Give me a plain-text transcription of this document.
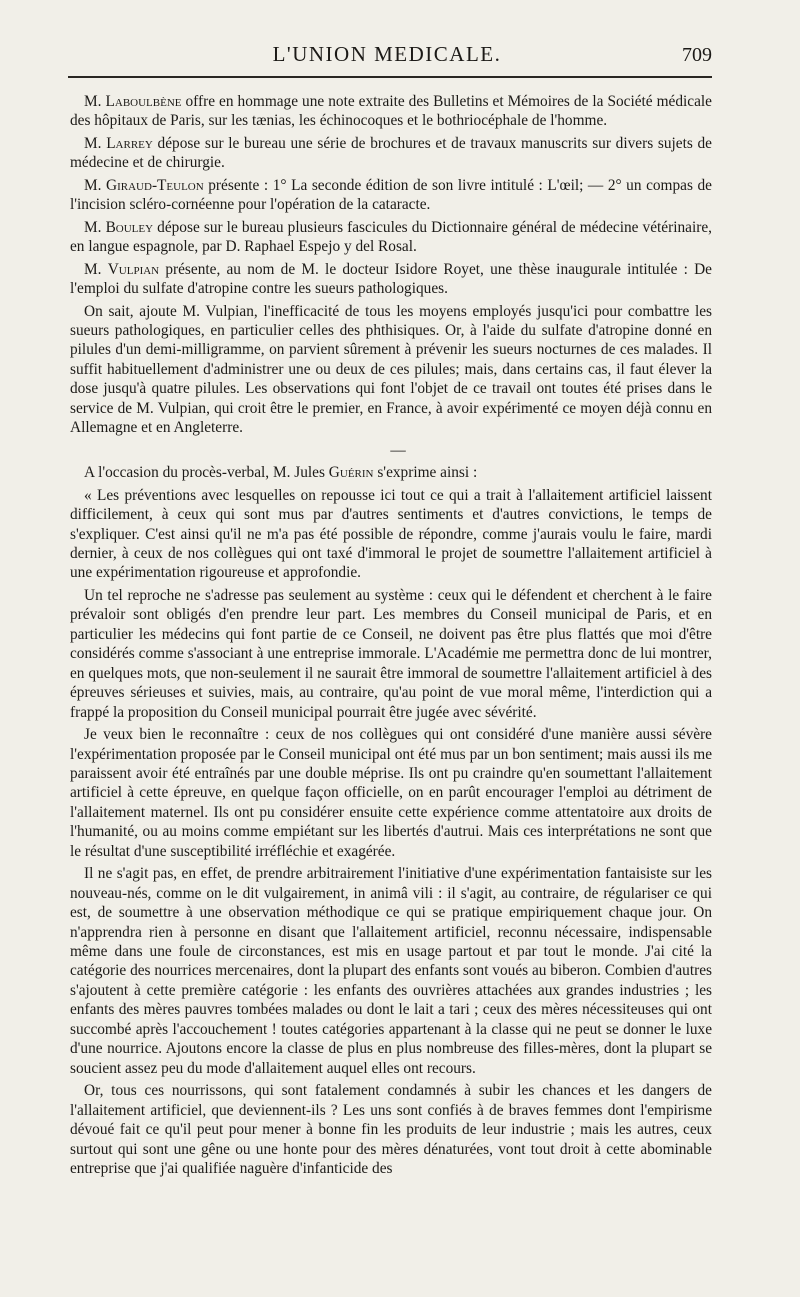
L'UNION MEDICALE.	709

M. Laboulbène offre en hommage une note extraite des Bulletins et Mémoires de la Société médicale des hôpitaux de Paris, sur les tænias, les échinocoques et le bothriocéphale de l'homme.

M. Larrey dépose sur le bureau une série de brochures et de travaux manuscrits sur divers sujets de médecine et de chirurgie.

M. Giraud-Teulon présente : 1° La seconde édition de son livre intitulé : L'œil; — 2° un compas de l'incision scléro-cornéenne pour l'opération de la cataracte.

M. Bouley dépose sur le bureau plusieurs fascicules du Dictionnaire général de médecine vétérinaire, en langue espagnole, par D. Raphael Espejo y del Rosal.

M. Vulpian présente, au nom de M. le docteur Isidore Royet, une thèse inaugurale intitulée : De l'emploi du sulfate d'atropine contre les sueurs pathologiques.

On sait, ajoute M. Vulpian, l'inefficacité de tous les moyens employés jusqu'ici pour combattre les sueurs pathologiques, en particulier celles des phthisiques. Or, à l'aide du sulfate d'atropine donné en pilules d'un demi-milligramme, on parvient sûrement à prévenir les sueurs nocturnes de ces malades. Il suffit habituellement d'administrer une ou deux de ces pilules; mais, dans certains cas, il faut élever la dose jusqu'à quatre pilules. Les observations qui font l'objet de ce travail ont toutes été prises dans le service de M. Vulpian, qui croit être le premier, en France, à avoir expérimenté ce moyen déjà connu en Allemagne et en Angleterre.

—

A l'occasion du procès-verbal, M. Jules Guérin s'exprime ainsi :

« Les préventions avec lesquelles on repousse ici tout ce qui a trait à l'allaitement artificiel laissent difficilement, à ceux qui sont mus par d'autres sentiments et d'autres convictions, le temps de s'expliquer. C'est ainsi qu'il ne m'a pas été possible de répondre, comme j'aurais voulu le faire, mardi dernier, à ceux de nos collègues qui ont taxé d'immoral le projet de soumettre l'allaitement artificiel à une expérimentation rigoureuse et approfondie.

Un tel reproche ne s'adresse pas seulement au système : ceux qui le défendent et cherchent à le faire prévaloir sont obligés d'en prendre leur part. Les membres du Conseil municipal de Paris, et en particulier les médecins qui font partie de ce Conseil, ne doivent pas être plus flattés que moi d'être considérés comme s'associant à une entreprise immorale. L'Académie me permettra donc de lui montrer, en quelques mots, que non-seulement il ne saurait être immoral de soumettre l'allaitement artificiel à des épreuves sérieuses et suivies, mais, au contraire, qu'au point de vue moral même, l'interdiction qui a frappé la proposition du Conseil municipal pourrait être jugée avec sévérité.

Je veux bien le reconnaître : ceux de nos collègues qui ont considéré d'une manière aussi sévère l'expérimentation proposée par le Conseil municipal ont été mus par un bon sentiment; mais aussi ils me paraissent avoir été entraînés par une double méprise. Ils ont pu craindre qu'en soumettant l'allaitement artificiel à cette épreuve, en quelque façon officielle, on en parût encourager l'emploi au détriment de l'allaitement maternel. Ils ont pu considérer ensuite cette expérience comme attentatoire aux droits de l'humanité, ou au moins comme empiétant sur les libertés d'autrui. Mais ces interprétations ne sont que le résultat d'une susceptibilité irréfléchie et exagérée.

Il ne s'agit pas, en effet, de prendre arbitrairement l'initiative d'une expérimentation fantaisiste sur les nouveau-nés, comme on le dit vulgairement, in animâ vili : il s'agit, au contraire, de régulariser ce qui est, de soumettre à une observation méthodique ce qui se pratique empiriquement chaque jour. On n'apprendra rien à personne en disant que l'allaitement artificiel, reconnu nécessaire, indispensable même dans une foule de circonstances, est mis en usage partout et par tout le monde. J'ai cité la catégorie des nourrices mercenaires, dont la plupart des enfants sont voués au biberon. Combien d'autres s'ajoutent à cette première catégorie : les enfants des ouvrières attachées aux grandes industries ; les enfants des mères pauvres tombées malades ou dont le lait a tari ; ceux des mères nécessiteuses qui ont succombé après l'accouchement ! toutes catégories appartenant à la classe qui ne peut se donner le luxe d'une nourrice. Ajoutons encore la classe de plus en plus nombreuse des filles-mères, dont la plupart se soucient assez peu du mode d'allaitement auquel elles ont recours.

Or, tous ces nourrissons, qui sont fatalement condamnés à subir les chances et les dangers de l'allaitement artificiel, que deviennent-ils ? Les uns sont confiés à de braves femmes dont l'empirisme dévoué fait ce qu'il peut pour mener à bonne fin les produits de leur industrie ; mais les autres, ceux surtout qui sont une gêne ou une honte pour des mères dénaturées, vont tout droit à cette abominable entreprise que j'ai qualifiée naguère d'infanticide des
